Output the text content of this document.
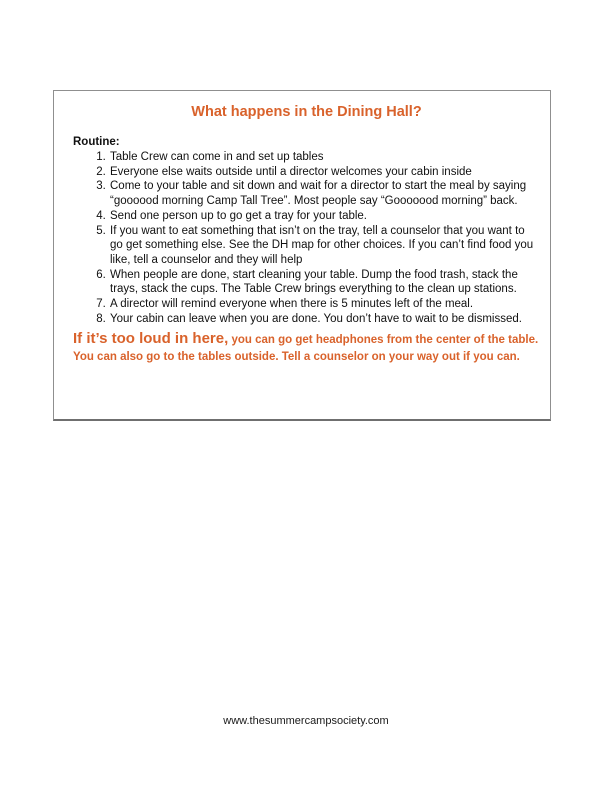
What happens in the Dining Hall?

Routine:

1. Table Crew can come in and set up tables
2. Everyone else waits outside until a director welcomes your cabin inside
3. Come to your table and sit down and wait for a director to start the meal by saying “goooood morning Camp Tall Tree”. Most people say “Gooooood morning” back.
4. Send one person up to go get a tray for your table.
5. If you want to eat something that isn’t on the tray, tell a counselor that you want to go get something else. See the DH map for other choices. If you can’t find food you like, tell a counselor and they will help
6. When people are done, start cleaning your table. Dump the food trash, stack the trays, stack the cups. The Table Crew brings everything to the clean up stations.
7. A director will remind everyone when there is 5 minutes left of the meal.
8. Your cabin can leave when you are done. You don’t have to wait to be dismissed.

If it’s too loud in here, you can go get headphones from the center of the table. You can also go to the tables outside. Tell a counselor on your way out if you can.

www.thesummercampsociety.com
